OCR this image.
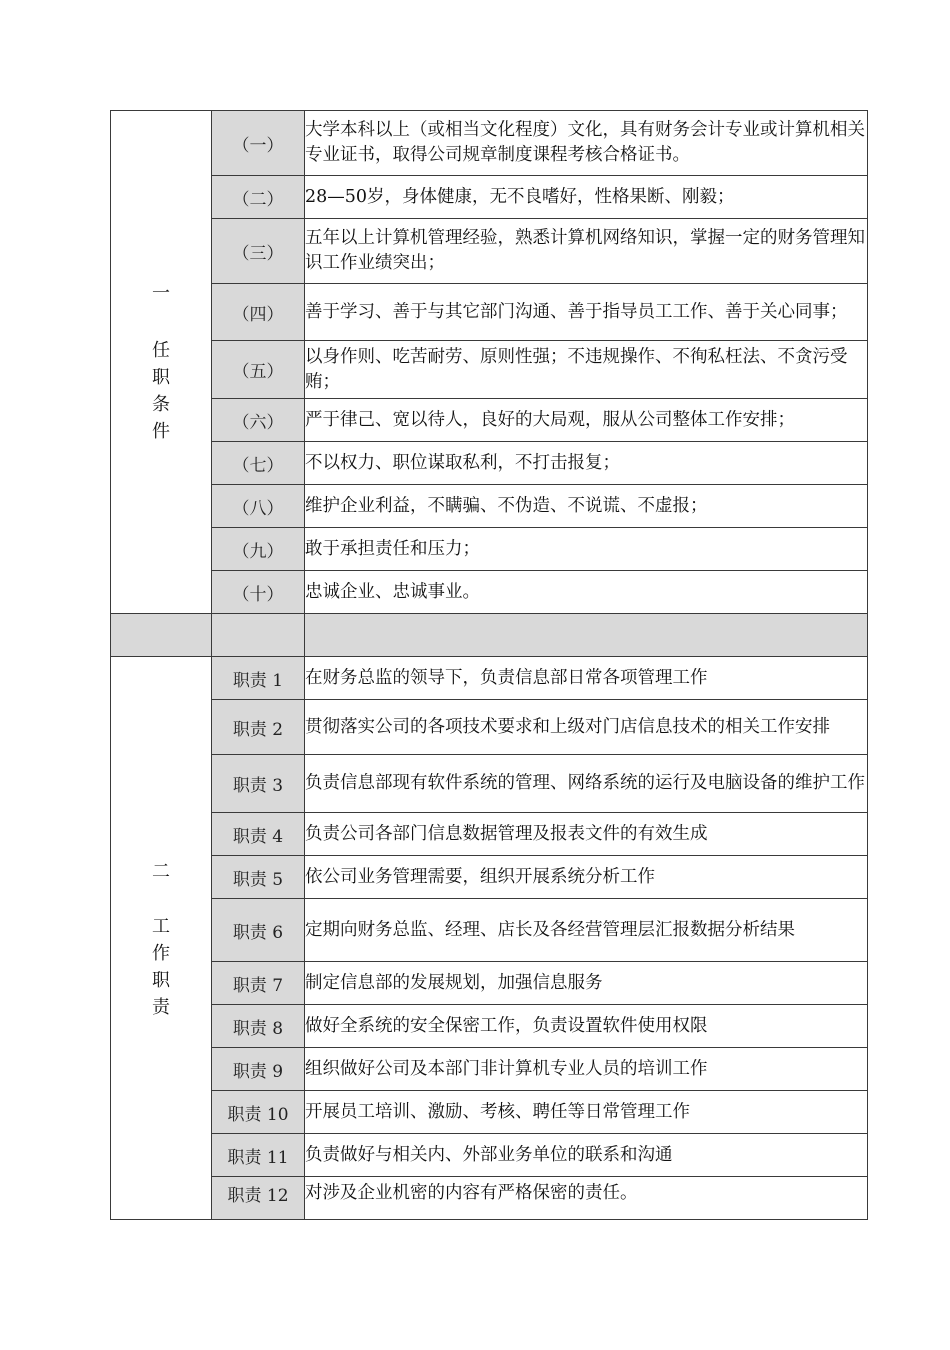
一
任
职
条
件	（一）	大学本科以上（或相当文化程度）文化，具有财务会计专业或计算机相关专业证书，取得公司规章制度课程考核合格证书。
	（二）	28—50岁，身体健康，无不良嗜好，性格果断、刚毅；
	（三）	五年以上计算机管理经验，熟悉计算机网络知识，掌握一定的财务管理知识工作业绩突出；
	（四）	善于学习、善于与其它部门沟通、善于指导员工工作、善于关心同事；
	（五）	以身作则、吃苦耐劳、原则性强；不违规操作、不徇私枉法、不贪污受贿；
	（六）	严于律己、宽以待人，良好的大局观，服从公司整体工作安排；
	（七）	不以权力、职位谋取私利，不打击报复；
	（八）	维护企业利益，不瞒骗、不伪造、不说谎、不虚报；
	（九）	敢于承担责任和压力；
	（十）	忠诚企业、忠诚事业。

二
工
作
职
责	职责 1	在财务总监的领导下，负责信息部日常各项管理工作
	职责 2	贯彻落实公司的各项技术要求和上级对门店信息技术的相关工作安排
	职责 3	负责信息部现有软件系统的管理、网络系统的运行及电脑设备的维护工作
	职责 4	负责公司各部门信息数据管理及报表文件的有效生成
	职责 5	依公司业务管理需要，组织开展系统分析工作
	职责 6	定期向财务总监、经理、店长及各经营管理层汇报数据分析结果
	职责 7	制定信息部的发展规划，加强信息服务
	职责 8	做好全系统的安全保密工作，负责设置软件使用权限
	职责 9	组织做好公司及本部门非计算机专业人员的培训工作
	职责 10	开展员工培训、激励、考核、聘任等日常管理工作
	职责 11	负责做好与相关内、外部业务单位的联系和沟通
	职责 12	对涉及企业机密的内容有严格保密的责任。
